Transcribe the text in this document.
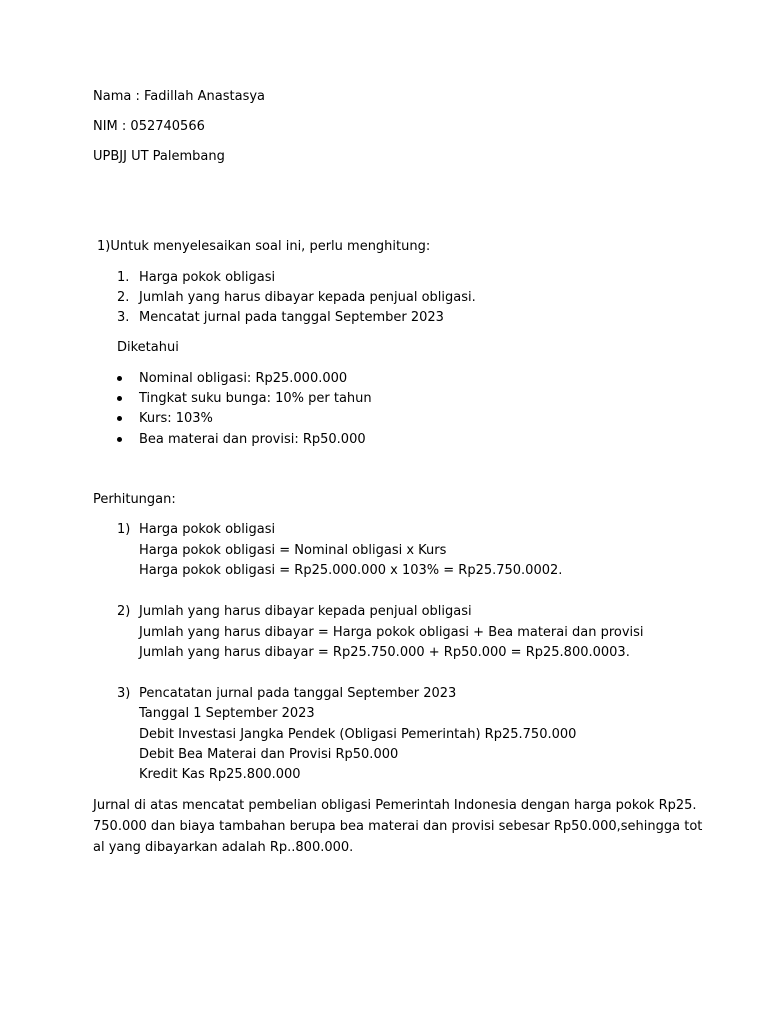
Nama : Fadillah Anastasya
NIM : 052740566
UPBJJ UT Palembang
1)Untuk menyelesaikan soal ini, perlu menghitung:
1. Harga pokok obligasi
2. Jumlah yang harus dibayar kepada penjual obligasi.
3. Mencatat jurnal pada tanggal September 2023
Diketahui
Nominal obligasi: Rp25.000.000
Tingkat suku bunga: 10% per tahun
Kurs: 103%
Bea materai dan provisi: Rp50.000
Perhitungan:
1) Harga pokok obligasi
Harga pokok obligasi = Nominal obligasi x Kurs
Harga pokok obligasi = Rp25.000.000 x 103% = Rp25.750.0002.
2) Jumlah yang harus dibayar kepada penjual obligasi
Jumlah yang harus dibayar = Harga pokok obligasi + Bea materai dan provisi
Jumlah yang harus dibayar = Rp25.750.000 + Rp50.000 = Rp25.800.0003.
3) Pencatatan jurnal pada tanggal September 2023
Tanggal 1 September 2023
Debit Investasi Jangka Pendek (Obligasi Pemerintah) Rp25.750.000
Debit Bea Materai dan Provisi Rp50.000
Kredit Kas Rp25.800.000
Jurnal di atas mencatat pembelian obligasi Pemerintah Indonesia dengan harga pokok Rp25.
750.000 dan biaya tambahan berupa bea materai dan provisi sebesar Rp50.000,sehingga tot
al yang dibayarkan adalah Rp..800.000.
